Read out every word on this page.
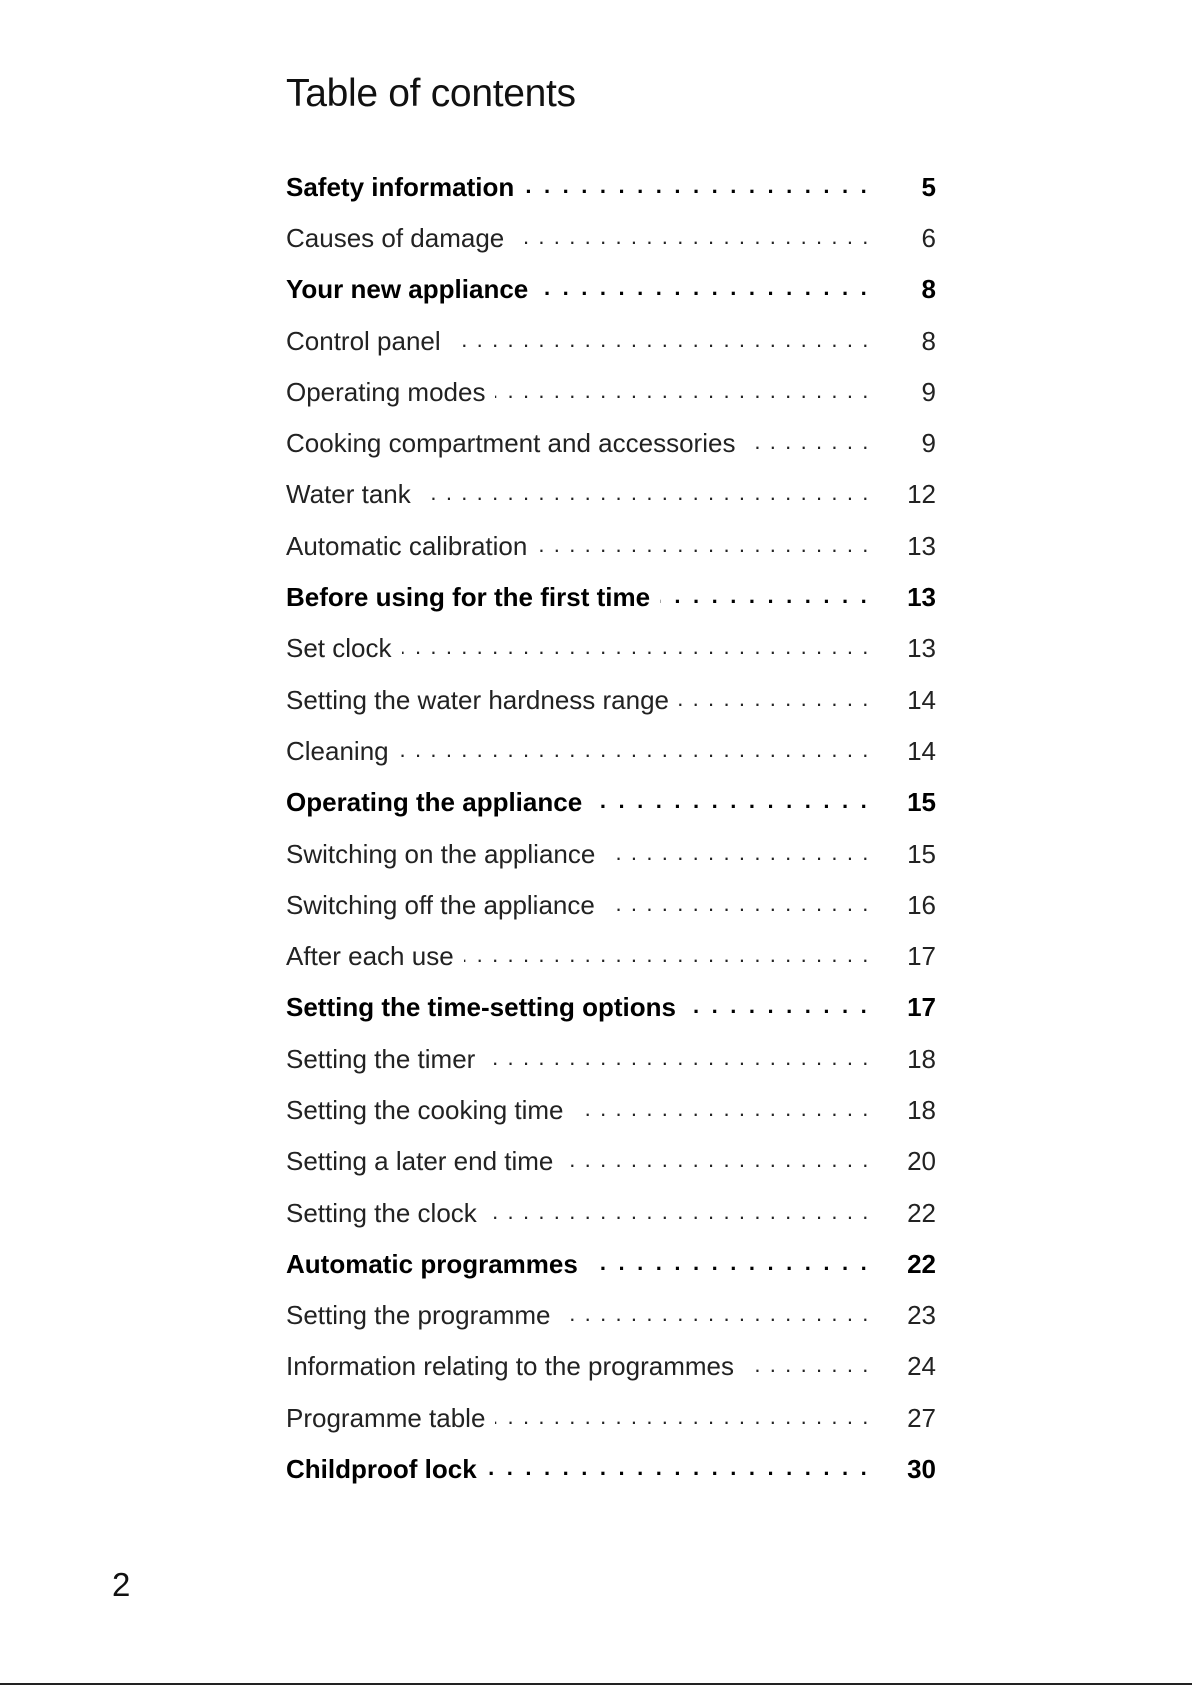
Table of contents
Safety information . . .	5
Causes of damage . . .	6
Your new appliance . . .	8
Control panel . . .	8
Operating modes . . .	9
Cooking compartment and accessories . . .	9
Water tank . . .	12
Automatic calibration . . .	13
Before using for the first time . . .	13
Set clock . . .	13
Setting the water hardness range . . .	14
Cleaning . . .	14
Operating the appliance . . .	15
Switching on the appliance . . .	15
Switching off the appliance . . .	16
After each use . . .	17
Setting the time-setting options . . .	17
Setting the timer . . .	18
Setting the cooking time . . .	18
Setting a later end time . . .	20
Setting the clock . . .	22
Automatic programmes . . .	22
Setting the programme . . .	23
Information relating to the programmes . . .	24
Programme table . . .	27
Childproof lock . . .	30
2
